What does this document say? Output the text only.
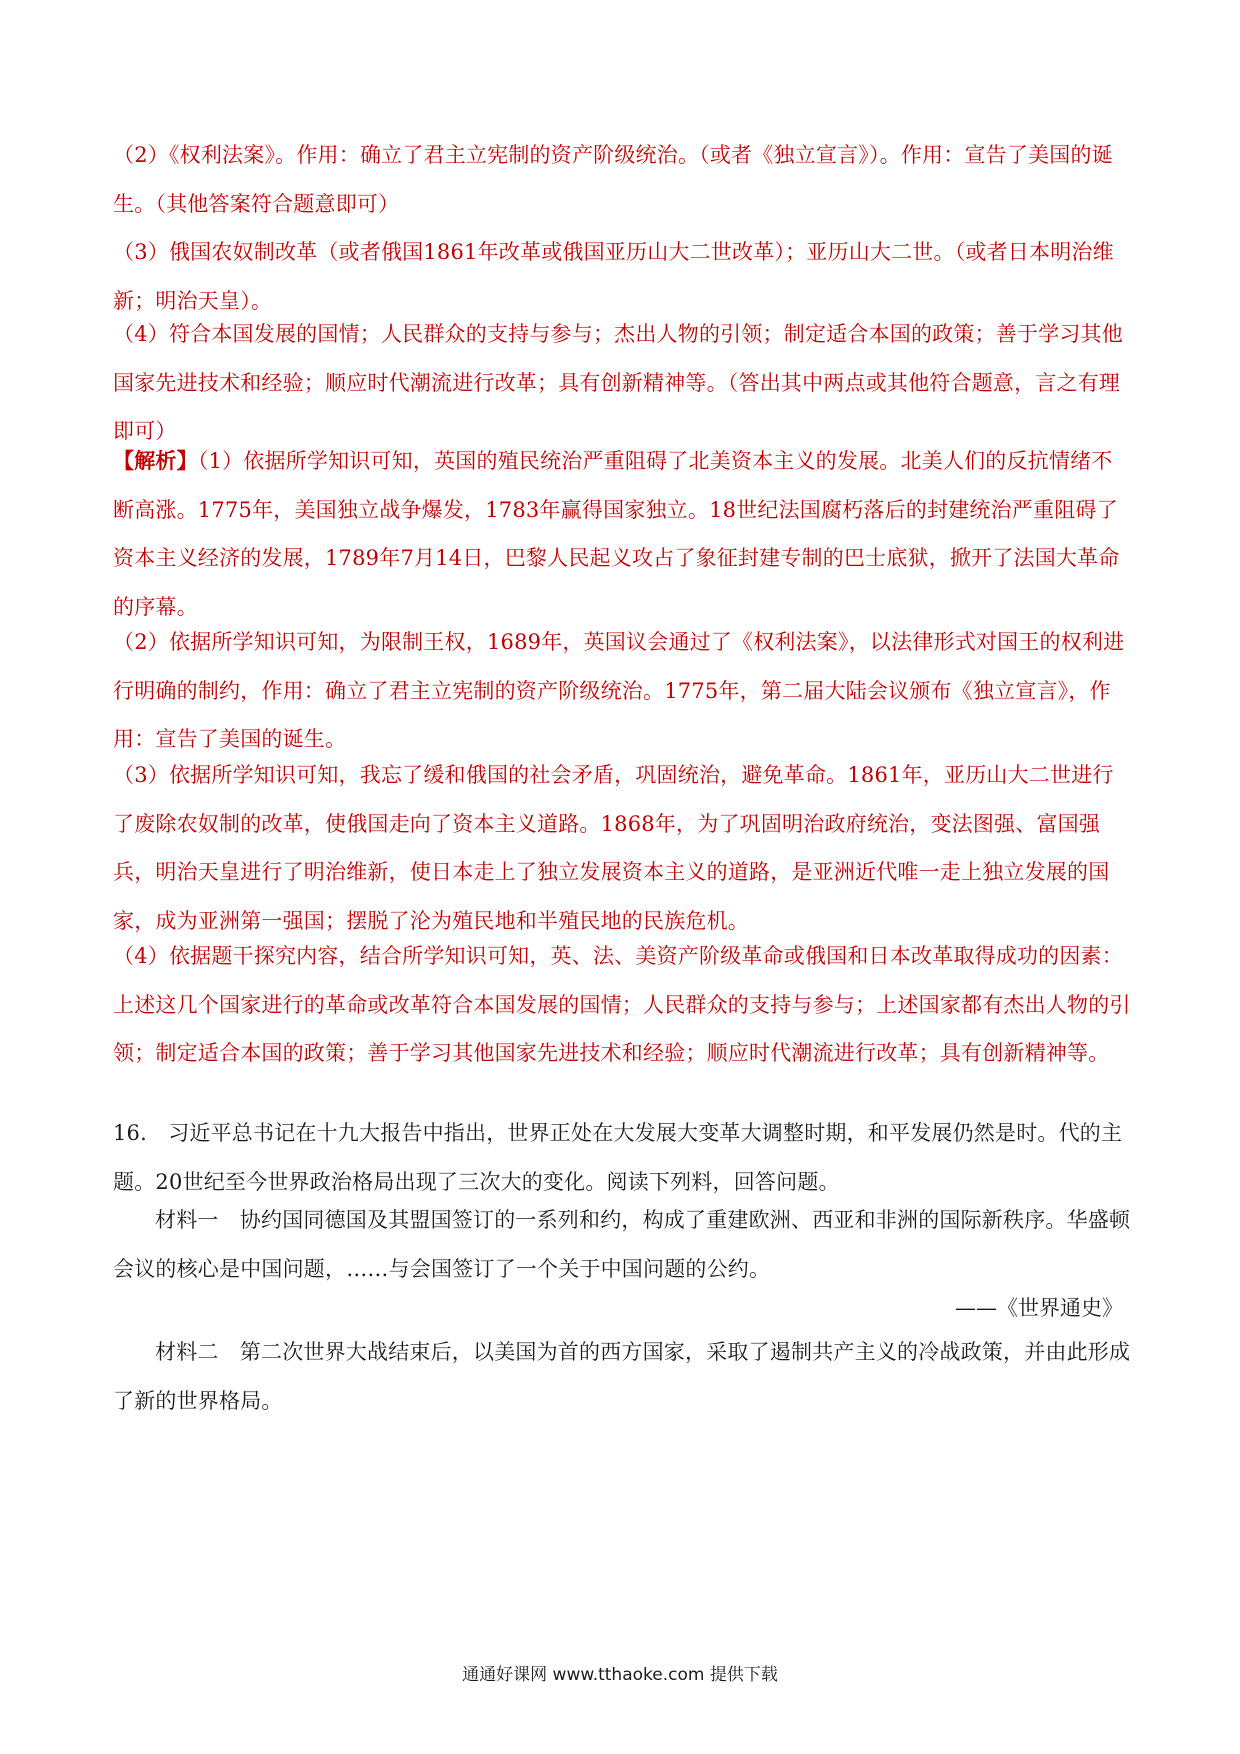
（2）《权利法案》。作用：确立了君主立宪制的资产阶级统治。（或者《独立宣言》）。作用：宣告了美国的诞生。（其他答案符合题意即可）

（3）俄国农奴制改革（或者俄国1861年改革或俄国亚历山大二世改革）；亚历山大二世。（或者日本明治维新；明治天皇）。

（4）符合本国发展的国情；人民群众的支持与参与；杰出人物的引领；制定适合本国的政策；善于学习其他国家先进技术和经验；顺应时代潮流进行改革；具有创新精神等。（答出其中两点或其他符合题意，言之有理即可）

【解析】（1）依据所学知识可知，英国的殖民统治严重阻碍了北美资本主义的发展。北美人们的反抗情绪不断高涨。1775年，美国独立战争爆发，1783年赢得国家独立。18世纪法国腐朽落后的封建统治严重阻碍了资本主义经济的发展，1789年7月14日，巴黎人民起义攻占了象征封建专制的巴士底狱，掀开了法国大革命的序幕。

（2）依据所学知识可知，为限制王权，1689年，英国议会通过了《权利法案》，以法律形式对国王的权利进行明确的制约，作用：确立了君主立宪制的资产阶级统治。1775年，第二届大陆会议颁布《独立宣言》，作用：宣告了美国的诞生。

（3）依据所学知识可知，我忘了缓和俄国的社会矛盾，巩固统治，避免革命。1861年，亚历山大二世进行了废除农奴制的改革，使俄国走向了资本主义道路。1868年，为了巩固明治政府统治，变法图强、富国强兵，明治天皇进行了明治维新，使日本走上了独立发展资本主义的道路，是亚洲近代唯一走上独立发展的国家，成为亚洲第一强国；摆脱了沦为殖民地和半殖民地的民族危机。

（4）依据题干探究内容，结合所学知识可知，英、法、美资产阶级革命或俄国和日本改革取得成功的因素：上述这几个国家进行的革命或改革符合本国发展的国情；人民群众的支持与参与；上述国家都有杰出人物的引领；制定适合本国的政策；善于学习其他国家先进技术和经验；顺应时代潮流进行改革；具有创新精神等。

16.　习近平总书记在十九大报告中指出，世界正处在大发展大变革大调整时期，和平发展仍然是时。代的主题。20世纪至今世界政治格局出现了三次大的变化。阅读下列料，回答问题。

材料一　协约国同德国及其盟国签订的一系列和约，构成了重建欧洲、西亚和非洲的国际新秩序。华盛顿会议的核心是中国问题，……与会国签订了一个关于中国问题的公约。

——《世界通史》

材料二　第二次世界大战结束后，以美国为首的西方国家，采取了遏制共产主义的冷战政策，并由此形成了新的世界格局。

通通好课网 www.tthaoke.com 提供下载
